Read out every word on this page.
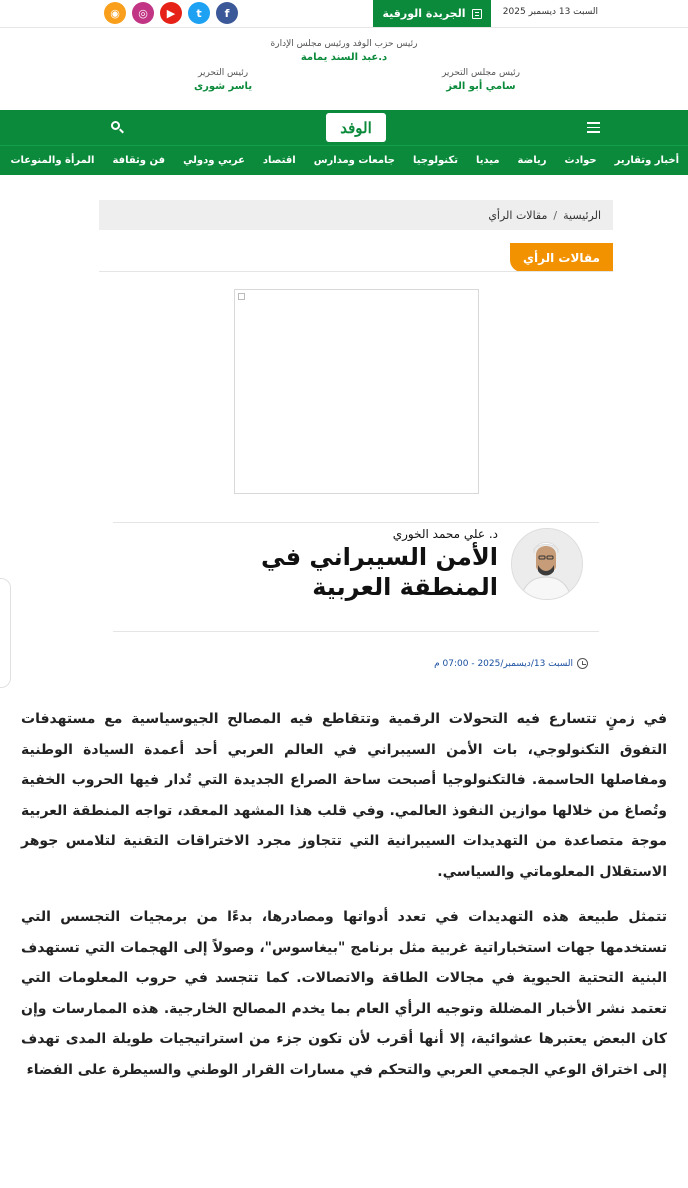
السبت 13 ديسمبر 2025
الجريدة الورقية
◉	◎	▶	t	f
رئيس حزب الوفد ورئيس مجلس الإدارة
د.عبد السند يمامة
رئيس مجلس التحرير
سامي أبو العز
رئيس التحرير
ياسر شورى
الوفد
أخبار وتقارير
حوادث
رياضة
ميديا
تكنولوجيا
جامعات ومدارس
اقتصاد
عربي ودولي
فن وثقافة
المرأة والمنوعات
الرئيسية
/
مقالات الرأي
مقالات الرأي
د. علي محمد الخوري
الأمن السيبراني في المنطقة العربية
السبت 13/ديسمبر/2025 - 07:00 م

في زمنٍ تتسارع فيه التحولات الرقمية وتتقاطع فيه المصالح الجيوسياسية مع مستهدفات التفوق التكنولوجي، بات الأمن السيبراني في العالم العربي أحد أعمدة السيادة الوطنية ومفاصلها الحاسمة. فالتكنولوجيا أصبحت ساحة الصراع الجديدة التي تُدار فيها الحروب الخفية وتُصاغ من خلالها موازين النفوذ العالمي. وفي قلب هذا المشهد المعقد، تواجه المنطقة العربية موجة متصاعدة من التهديدات السيبرانية التي تتجاوز مجرد الاختراقات التقنية لتلامس جوهر الاستقلال المعلوماتي والسياسي.

تتمثل طبيعة هذه التهديدات في تعدد أدواتها ومصادرها، بدءًا من برمجيات التجسس التي تستخدمها جهات استخباراتية غربية مثل برنامج "بيغاسوس"، وصولاً إلى الهجمات التي تستهدف البنية التحتية الحيوية في مجالات الطاقة والاتصالات. كما تتجسد في حروب المعلومات التي تعتمد نشر الأخبار المضللة وتوجيه الرأي العام بما يخدم المصالح الخارجية. هذه الممارسات وإن كان البعض يعتبرها عشوائية، إلا أنها أقرب لأن تكون جزء من استراتيجيات طويلة المدى تهدف إلى اختراق الوعي الجمعي العربي والتحكم في مسارات القرار الوطني والسيطرة على الفضاء
